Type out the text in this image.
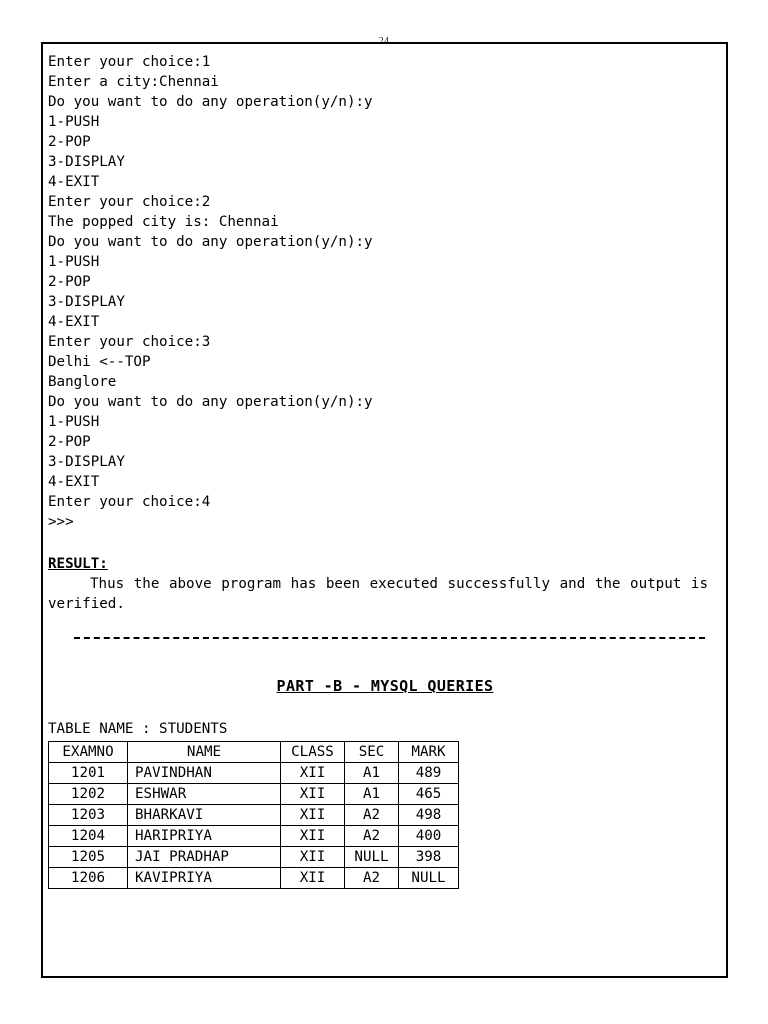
Enter your choice:1
Enter a city:Chennai
Do you want to do any operation(y/n):y
1-PUSH
2-POP
3-DISPLAY
4-EXIT
Enter your choice:2
The popped city is: Chennai
Do you want to do any operation(y/n):y
1-PUSH
2-POP
3-DISPLAY
4-EXIT
Enter your choice:3
Delhi <--TOP
Banglore
Do you want to do any operation(y/n):y
1-PUSH
2-POP
3-DISPLAY
4-EXIT
Enter your choice:4
>>>
RESULT:
Thus the above program has been executed successfully and the output is verified.
PART -B - MYSQL QUERIES
TABLE NAME : STUDENTS
EXAMNO	NAME	CLASS	SEC	MARK
1201	PAVINDHAN	XII	A1	489
1202	ESHWAR	XII	A1	465
1203	BHARKAVI	XII	A2	498
1204	HARIPRIYA	XII	A2	400
1205	JAI PRADHAP	XII	NULL	398
1206	KAVIPRIYA	XII	A2	NULL
